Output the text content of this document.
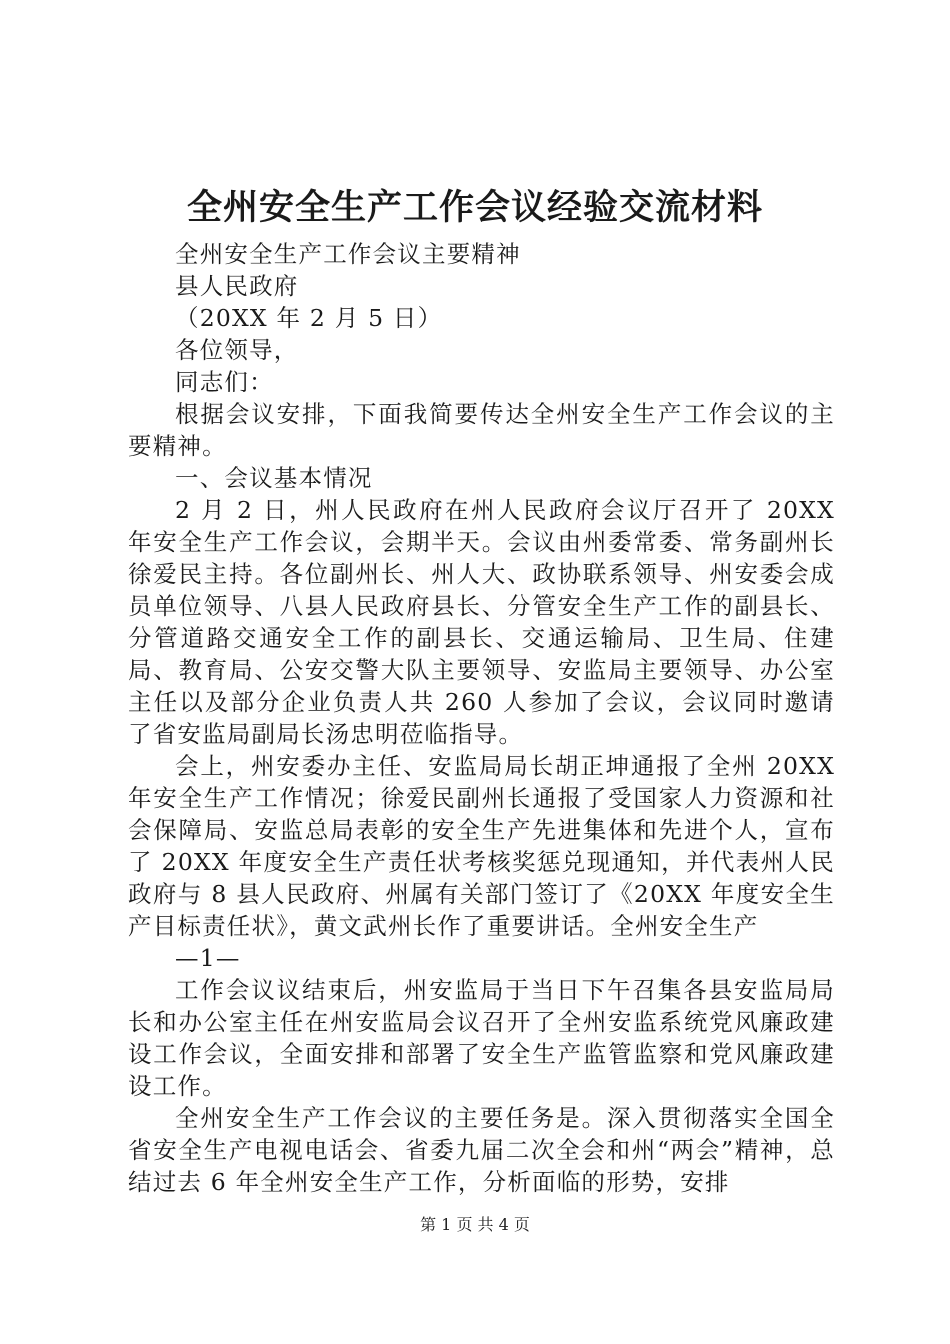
全州安全生产工作会议经验交流材料

全州安全生产工作会议主要精神

县人民政府

（20XX 年 2 月 5 日）

各位领导，

同志们：

根据会议安排，下面我简要传达全州安全生产工作会议的主要精神。

一、会议基本情况

2 月 2 日，州人民政府在州人民政府会议厅召开了 20XX 年安全生产工作会议，会期半天。会议由州委常委、常务副州长徐爱民主持。各位副州长、州人大、政协联系领导、州安委会成员单位领导、八县人民政府县长、分管安全生产工作的副县长、分管道路交通安全工作的副县长、交通运输局、卫生局、住建局、教育局、公安交警大队主要领导、安监局主要领导、办公室主任以及部分企业负责人共 260 人参加了会议，会议同时邀请了省安监局副局长汤忠明莅临指导。

会上，州安委办主任、安监局局长胡正坤通报了全州 20XX 年安全生产工作情况；徐爱民副州长通报了受国家人力资源和社会保障局、安监总局表彰的安全生产先进集体和先进个人，宣布了 20XX 年度安全生产责任状考核奖惩兑现通知，并代表州人民政府与 8 县人民政府、州属有关部门签订了《20XX 年度安全生产目标责任状》，黄文武州长作了重要讲话。全州安全生产

—1—

工作会议议结束后，州安监局于当日下午召集各县安监局局长和办公室主任在州安监局会议召开了全州安监系统党风廉政建设工作会议，全面安排和部署了安全生产监管监察和党风廉政建设工作。

全州安全生产工作会议的主要任务是。深入贯彻落实全国全省安全生产电视电话会、省委九届二次全会和州“两会”精神，总结过去 6 年全州安全生产工作，分析面临的形势，安排

第 1 页 共 4 页
